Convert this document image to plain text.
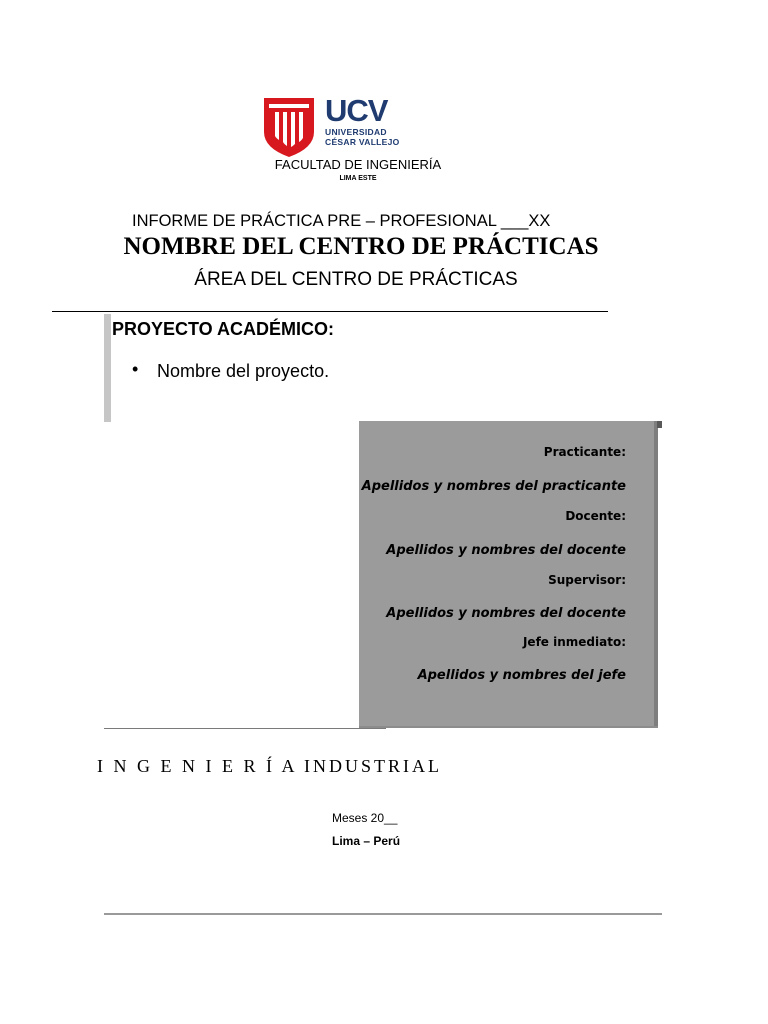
UCV
UNIVERSIDAD
CÉSAR VALLEJO
FACULTAD DE INGENIERÍA
LIMA ESTE
INFORME DE PRÁCTICA PRE – PROFESIONAL ___XX
NOMBRE DEL CENTRO DE PRÁCTICAS
ÁREA DEL CENTRO DE PRÁCTICAS
PROYECTO ACADÉMICO:
• Nombre del proyecto.
Practicante:
Apellidos y nombres del practicante
Docente:
Apellidos y nombres del docente
Supervisor:
Apellidos y nombres del docente
Jefe inmediato:
Apellidos y nombres del jefe
I N G E N I E R Í A INDUSTRIAL
Meses 20__
Lima – Perú
